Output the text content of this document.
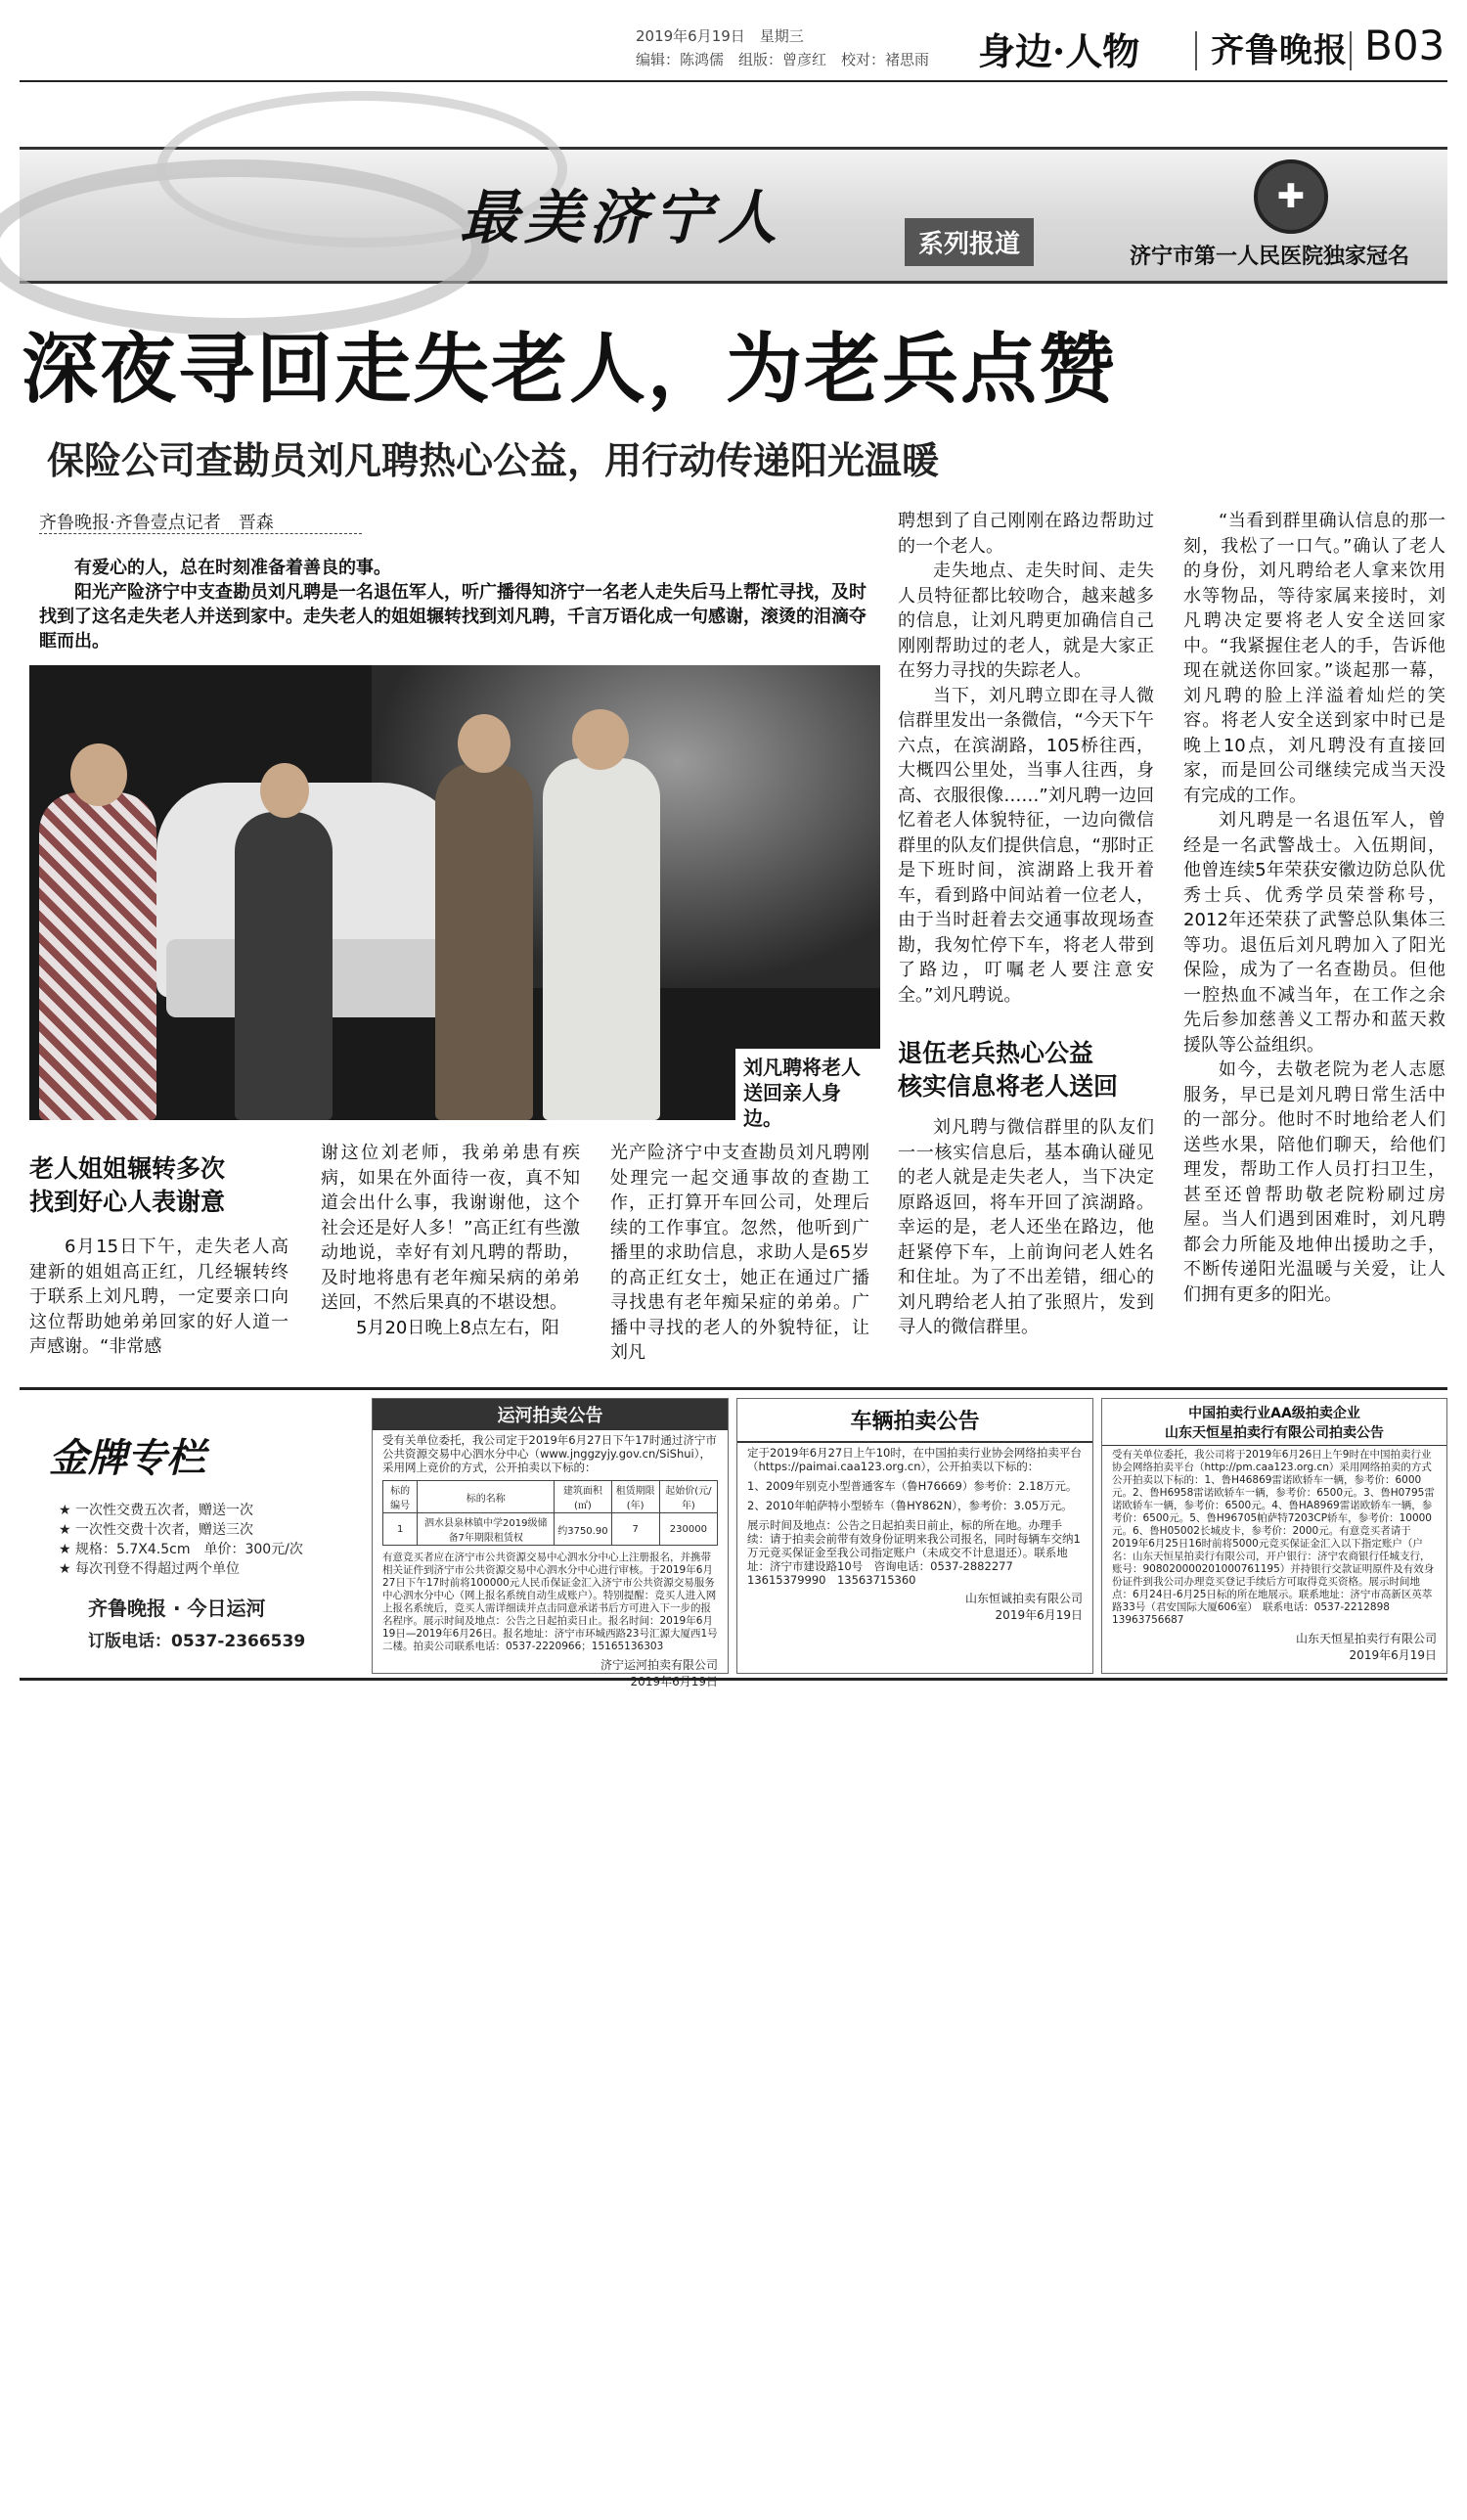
2019年6月19日　星期三
编辑：陈鸿儒　组版：曾彦红　校对：褚思雨 身边·人物 齐鲁晚报 B03
最美济宁人	系列报道
✚
济宁市第一人民医院独家冠名
深夜寻回走失老人，为老兵点赞
保险公司查勘员刘凡聘热心公益，用行动传递阳光温暖
齐鲁晚报·齐鲁壹点记者　晋森

有爱心的人，总在时刻准备着善良的事。

阳光产险济宁中支查勘员刘凡聘是一名退伍军人，听广播得知济宁一名老人走失后马上帮忙寻找，及时找到了这名走失老人并送到家中。走失老人的姐姐辗转找到刘凡聘，千言万语化成一句感谢，滚烫的泪滴夺眶而出。

刘凡聘将老人送回亲人身边。
老人姐姐辗转多次
找到好心人表谢意

6月15日下午，走失老人高建新的姐姐高正红，几经辗转终于联系上刘凡聘，一定要亲口向这位帮助她弟弟回家的好人道一声感谢。“非常感

谢这位刘老师，我弟弟患有疾病，如果在外面待一夜，真不知道会出什么事，我谢谢他，这个社会还是好人多！”高正红有些激动地说，幸好有刘凡聘的帮助，及时地将患有老年痴呆病的弟弟送回，不然后果真的不堪设想。

5月20日晚上8点左右，阳

光产险济宁中支查勘员刘凡聘刚处理完一起交通事故的查勘工作，正打算开车回公司，处理后续的工作事宜。忽然，他听到广播里的求助信息，求助人是65岁的高正红女士，她正在通过广播寻找患有老年痴呆症的弟弟。广播中寻找的老人的外貌特征，让刘凡

聘想到了自己刚刚在路边帮助过的一个老人。

走失地点、走失时间、走失人员特征都比较吻合，越来越多的信息，让刘凡聘更加确信自己刚刚帮助过的老人，就是大家正在努力寻找的失踪老人。

当下，刘凡聘立即在寻人微信群里发出一条微信，“今天下午六点，在滨湖路，105桥往西，大概四公里处，当事人往西，身高、衣服很像……”刘凡聘一边回忆着老人体貌特征，一边向微信群里的队友们提供信息，“那时正是下班时间，滨湖路上我开着车，看到路中间站着一位老人，由于当时赶着去交通事故现场查勘，我匆忙停下车，将老人带到了路边，叮嘱老人要注意安全。”刘凡聘说。

退伍老兵热心公益
核实信息将老人送回

刘凡聘与微信群里的队友们一一核实信息后，基本确认碰见的老人就是走失老人，当下决定原路返回，将车开回了滨湖路。幸运的是，老人还坐在路边，他赶紧停下车，上前询问老人姓名和住址。为了不出差错，细心的刘凡聘给老人拍了张照片，发到寻人的微信群里。

“当看到群里确认信息的那一刻，我松了一口气。”确认了老人的身份，刘凡聘给老人拿来饮用水等物品，等待家属来接时，刘凡聘决定要将老人安全送回家中。“我紧握住老人的手，告诉他现在就送你回家。”谈起那一幕，刘凡聘的脸上洋溢着灿烂的笑容。将老人安全送到家中时已是晚上10点，刘凡聘没有直接回家，而是回公司继续完成当天没有完成的工作。

刘凡聘是一名退伍军人，曾经是一名武警战士。入伍期间，他曾连续5年荣获安徽边防总队优秀士兵、优秀学员荣誉称号，2012年还荣获了武警总队集体三等功。退伍后刘凡聘加入了阳光保险，成为了一名查勘员。但他一腔热血不减当年，在工作之余先后参加慈善义工帮办和蓝天救援队等公益组织。

如今，去敬老院为老人志愿服务，早已是刘凡聘日常生活中的一部分。他时不时地给老人们送些水果，陪他们聊天，给他们理发，帮助工作人员打扫卫生，甚至还曾帮助敬老院粉刷过房屋。当人们遇到困难时，刘凡聘都会力所能及地伸出援助之手，不断传递阳光温暖与关爱，让人们拥有更多的阳光。

金牌专栏
★ 一次性交费五次者，赠送一次
★ 一次性交费十次者，赠送三次
★ 规格：5.7X4.5cm　单价：300元/次
★ 每次刊登不得超过两个单位
齐鲁晚报 · 今日运河
订版电话：0537-2366539
运河拍卖公告
受有关单位委托，我公司定于2019年6月27日下午17时通过济宁市公共资源交易中心泗水分中心（www.jnggzyjy.gov.cn/SiShui），采用网上竞价的方式，公开拍卖以下标的：
标的编号	标的名称	建筑面积(㎡)	租赁期限(年)	起始价(元/年)
1	泗水县泉林镇中学2019级储备7年期限租赁权	约3750.90	7	230000
有意竞买者应在济宁市公共资源交易中心泗水分中心上注册报名，并携带相关证件到济宁市公共资源交易中心泗水分中心进行审核。于2019年6月27日下午17时前将100000元人民币保证金汇入济宁市公共资源交易服务中心泗水分中心（网上报名系统自动生成账户）。特别提醒：竞买人进入网上报名系统后，竞买人需详细读并点击同意承诺书后方可进入下一步的报名程序。展示时间及地点：公告之日起拍卖日止。报名时间：2019年6月19日—2019年6月26日。报名地址：济宁市环城西路23号汇源大厦西1号二楼。拍卖公司联系电话：0537-2220966；15165136303
济宁运河拍卖有限公司
2019年6月19日
车辆拍卖公告
定于2019年6月27日上午10时，在中国拍卖行业协会网络拍卖平台（https://paimai.caa123.org.cn），公开拍卖以下标的：
1、2009年别克小型普通客车（鲁H76669）参考价：2.18万元。
2、2010年帕萨特小型轿车（鲁HY862N），参考价：3.05万元。
展示时间及地点：公告之日起拍卖日前止，标的所在地。办理手续：请于拍卖会前带有效身份证明来我公司报名，同时每辆车交纳1万元竞买保证金至我公司指定账户（未成交不计息退还）。联系地址：济宁市建设路10号　咨询电话：0537-2882277　13615379990　13563715360
山东恒诚拍卖有限公司
2019年6月19日
中国拍卖行业AA级拍卖企业
山东天恒星拍卖行有限公司拍卖公告
受有关单位委托，我公司将于2019年6月26日上午9时在中国拍卖行业协会网络拍卖平台（http://pm.caa123.org.cn）采用网络拍卖的方式公开拍卖以下标的：1、鲁H46869雷诺欧轿车一辆，参考价：6000元。2、鲁H6958雷诺欧轿车一辆，参考价：6500元。3、鲁H0795雷诺欧轿车一辆，参考价：6500元。4、鲁HA8969雷诺欧轿车一辆，参考价：6500元。5、鲁H96705帕萨特7203CP轿车，参考价：10000元。6、鲁H05002长城皮卡，参考价：2000元。有意竞买者请于2019年6月25日16时前将5000元竞买保证金汇入以下指定账户（户名：山东天恒星拍卖行有限公司，开户银行：济宁农商银行任城支行，账号：908020000201000761195）并持银行交款证明原件及有效身份证件到我公司办理竞买登记手续后方可取得竞买资格。展示时间地点：6月24日-6月25日标的所在地展示。联系地址：济宁市高新区英萃路33号（君安国际大厦606室）　联系电话：0537-2212898　13963756687
山东天恒星拍卖行有限公司
2019年6月19日
